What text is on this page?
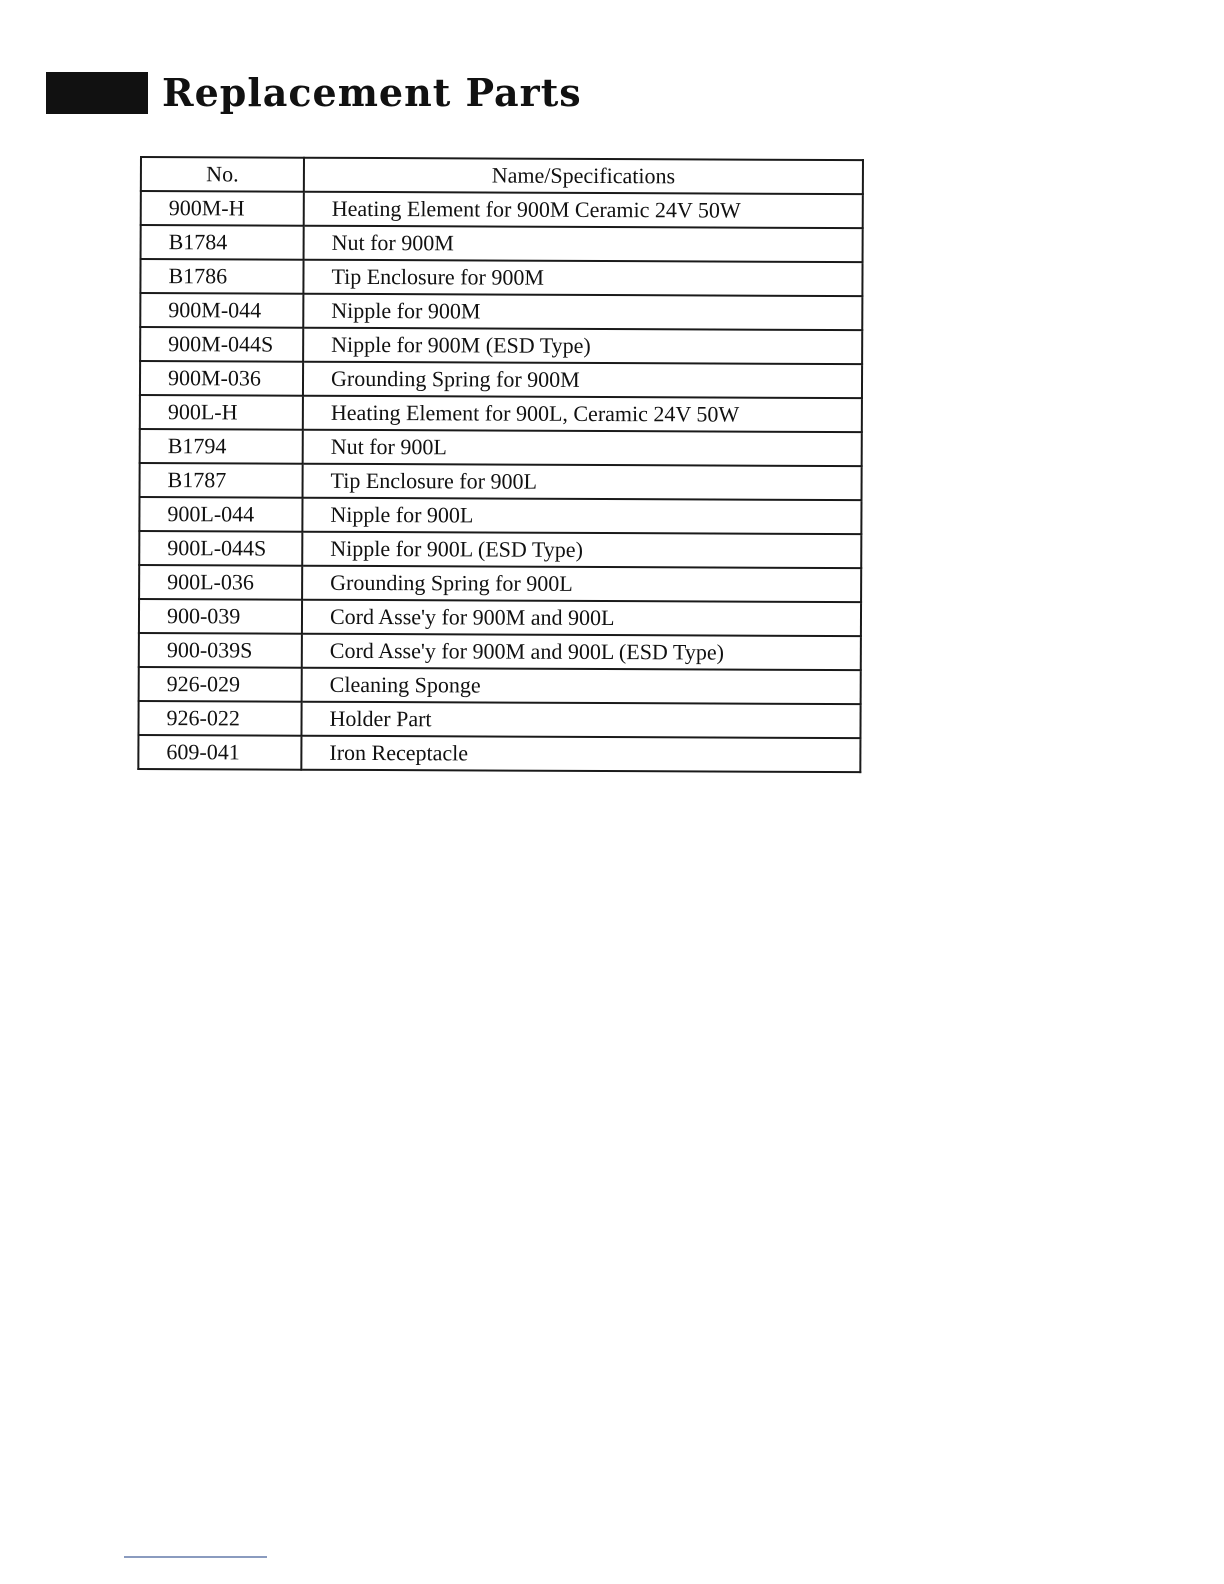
Replacement Parts
No.	Name/Specifications
900M-H	Heating Element for 900M Ceramic 24V 50W
B1784	Nut for 900M
B1786	Tip Enclosure for 900M
900M-044	Nipple for 900M
900M-044S	Nipple for 900M (ESD Type)
900M-036	Grounding Spring for 900M
900L-H	Heating Element for 900L, Ceramic 24V 50W
B1794	Nut for 900L
B1787	Tip Enclosure for 900L
900L-044	Nipple for 900L
900L-044S	Nipple for 900L (ESD Type)
900L-036	Grounding Spring for 900L
900-039	Cord Asse'y for 900M and 900L
900-039S	Cord Asse'y for 900M and 900L (ESD Type)
926-029	Cleaning Sponge
926-022	Holder Part
609-041	Iron Receptacle
